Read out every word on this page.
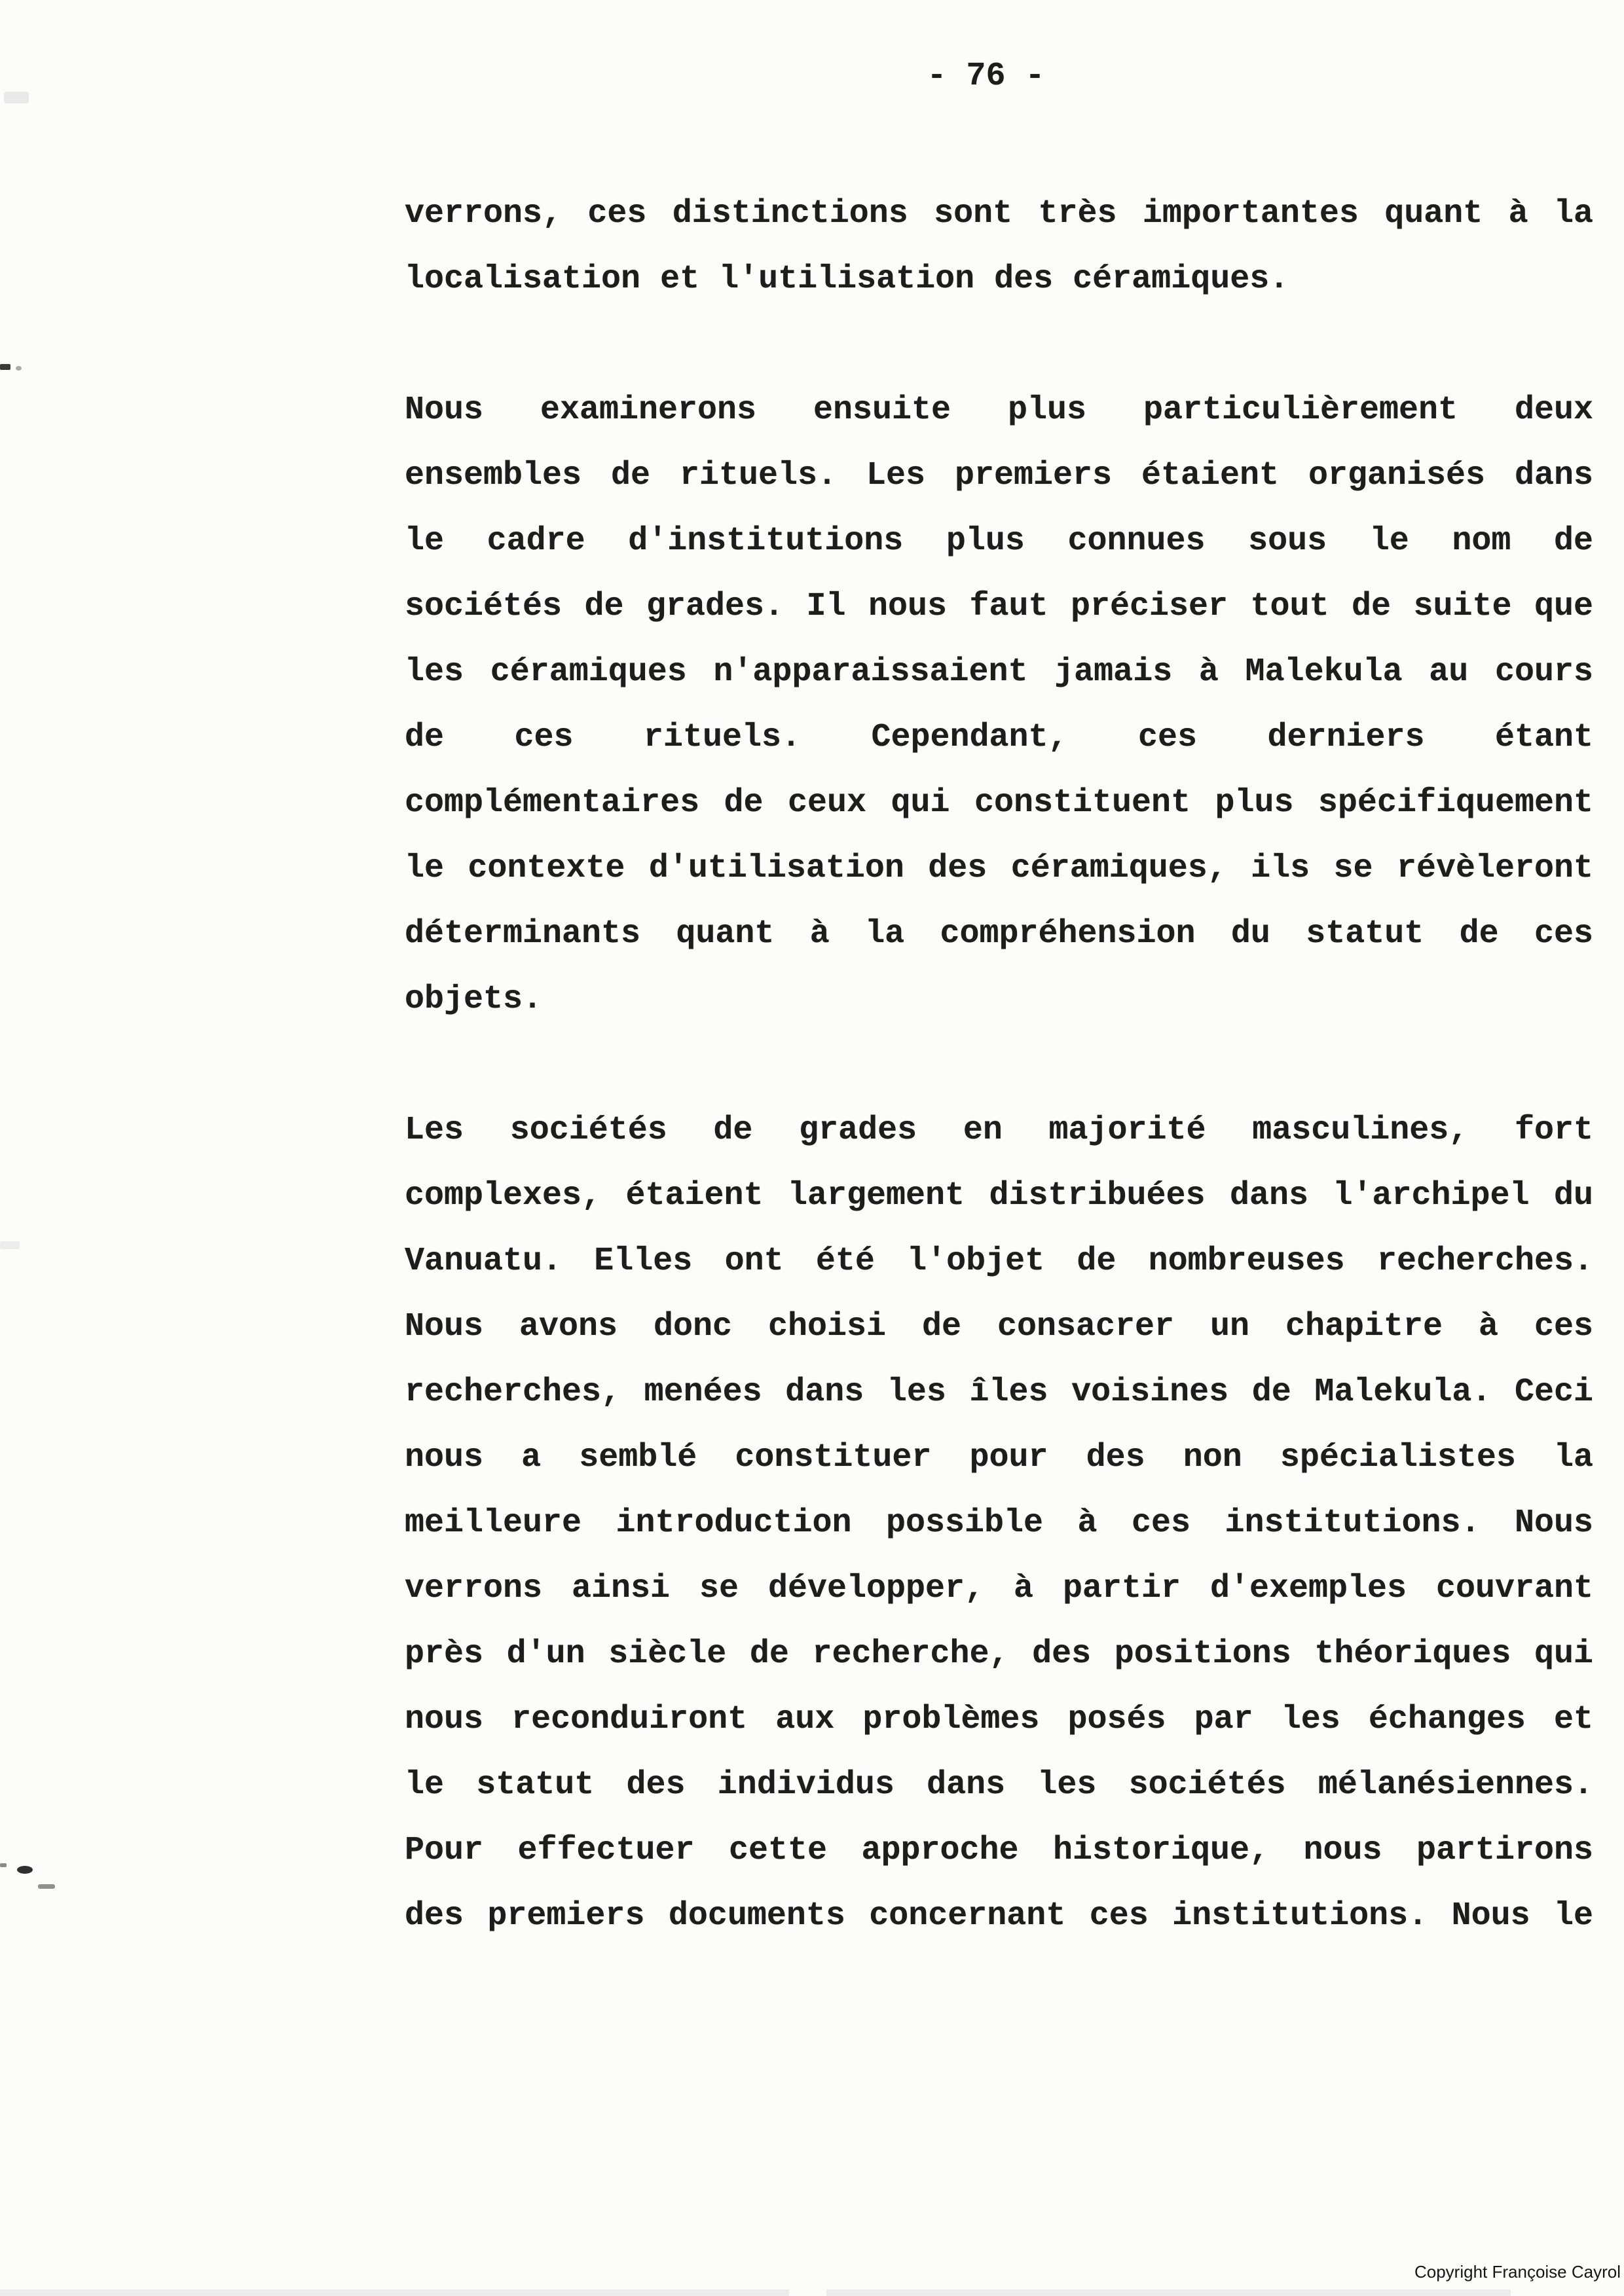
- 76 -
verrons, ces distinctions sont très importantes quant à la
localisation et l'utilisation des céramiques.
Nous examinerons ensuite plus particulièrement deux
ensembles de rituels. Les premiers étaient organisés dans
le cadre d'institutions plus connues sous le nom de
sociétés de grades. Il nous faut préciser tout de suite que
les céramiques n'apparaissaient jamais à Malekula au cours
de ces rituels. Cependant, ces derniers étant
complémentaires de ceux qui constituent plus spécifiquement
le contexte d'utilisation des céramiques, ils se révèleront
déterminants quant à la compréhension du statut de ces
objets.
Les sociétés de grades en majorité masculines, fort
complexes, étaient largement distribuées dans l'archipel du
Vanuatu. Elles ont été l'objet de nombreuses recherches.
Nous avons donc choisi de consacrer un chapitre à ces
recherches, menées dans les îles voisines de Malekula. Ceci
nous a semblé constituer pour des non spécialistes la
meilleure introduction possible à ces institutions. Nous
verrons ainsi se développer, à partir d'exemples couvrant
près d'un siècle de recherche, des positions théoriques qui
nous reconduiront aux problèmes posés par les échanges et
le statut des individus dans les sociétés mélanésiennes.
Pour effectuer cette approche historique, nous partirons
des premiers documents concernant ces institutions. Nous le
Copyright Françoise Cayrol
